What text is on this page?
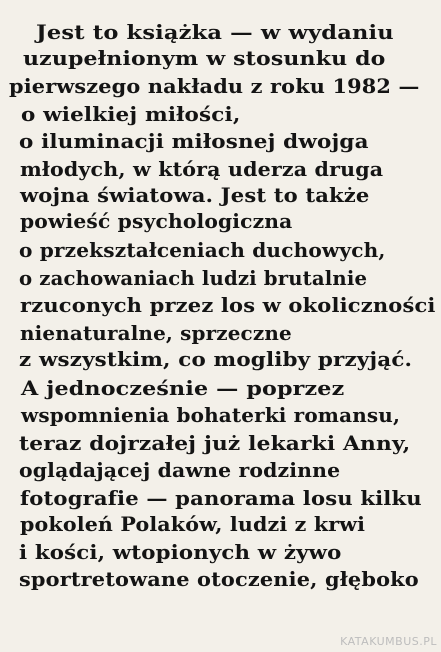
Jest to książka — w wydaniu

uzupełnionym w stosunku do

pierwszego nakładu z roku 1982 —

o wielkiej miłości,

o iluminacji miłosnej dwojga

młodych, w którą uderza druga

wojna światowa. Jest to także

powieść psychologiczna

o przekształceniach duchowych,

o zachowaniach ludzi brutalnie

rzuconych przez los w okoliczności

nienaturalne, sprzeczne

z wszystkim, co mogliby przyjąć.

A jednocześnie — poprzez

wspomnienia bohaterki romansu,

teraz dojrzałej już lekarki Anny,

oglądającej dawne rodzinne

fotografie — panorama losu kilku

pokoleń Polaków, ludzi z krwi

i kości, wtopionych w żywo

sportretowane otoczenie, głęboko

KATAKUMBUS.PL
